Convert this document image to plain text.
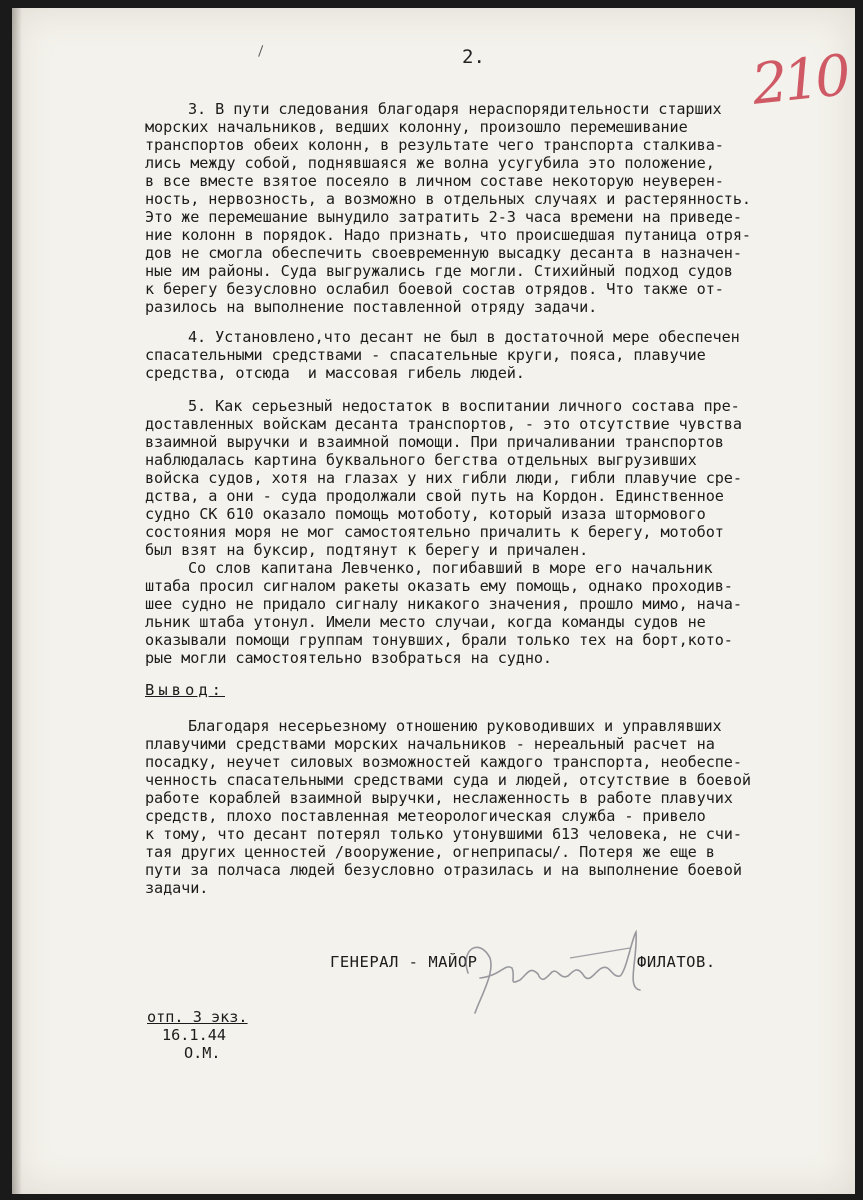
2.	210

3. В пути следования благодаря нераспорядительности старших

морских начальников, ведших колонну, произошло перемешивание

транспортов обеих колонн, в результате чего транспорта сталкива-

лись между собой, поднявшаяся же волна усугубила это положение,

в все вместе взятое посеяло в личном составе некоторую неуверен-

ность, нервозность, а возможно в отдельных случаях и растерянность.

Это же перемешание вынудило затратить 2-3 часа времени на приведе-

ние колонн в порядок. Надо признать, что происшедшая путаница отря-

дов не смогла обеспечить своевременную высадку десанта в назначен-

ные им районы. Суда выгружались где могли. Стихийный подход судов

к берегу безусловно ослабил боевой состав отрядов. Что также от-

разилось на выполнение поставленной отряду задачи.

4. Установлено,что десант не был в достаточной мере обеспечен

спасательными средствами - спасательные круги, пояса, плавучие

средства, отсюда  и массовая гибель людей.

5. Как серьезный недостаток в воспитании личного состава пре-

доставленных войскам десанта транспортов, - это отсутствие чувства

взаимной выручки и взаимной помощи. При причаливании транспортов

наблюдалась картина буквального бегства отдельных выгрузивших

войска судов, хотя на глазах у них гибли люди, гибли плавучие сре-

дства, а они - суда продолжали свой путь на Кордон. Единственное

судно СК 610 оказало помощь мотоботу, который изаза штормового

состояния моря не мог самостоятельно причалить к берегу, мотобот

был взят на буксир, подтянут к берегу и причален.

Со слов капитана Левченко, погибавший в море его начальник

штаба просил сигналом ракеты оказать ему помощь, однако проходив-

шее судно не придало сигналу никакого значения, прошло мимо, нача-

льник штаба утонул. Имели место случаи, когда команды судов не

оказывали помощи группам тонувших, брали только тех на борт,кото-

рые могли самостоятельно взобраться на судно.

Вывод:

Благодаря несерьезному отношению руководивших и управлявших

плавучими средствами морских начальников - нереальный расчет на

посадку, неучет силовых возможностей каждого транспорта, необеспе-

ченность спасательными средствами суда и людей, отсутствие в боевой

работе кораблей взаимной выручки, неслаженность в работе плавучих

средств, плохо поставленная метеорологическая служба - привело

к тому, что десант потерял только утонувшими 613 человека, не счи-

тая других ценностей /вооружение, огнеприпасы/. Потеря же еще в

пути за полчаса людей безусловно отразилась и на выполнение боевой

задачи.

ГЕНЕРАЛ - МАЙОР	ФИЛАТОВ.

отп. 3 экз.

16.1.44

О.М.
